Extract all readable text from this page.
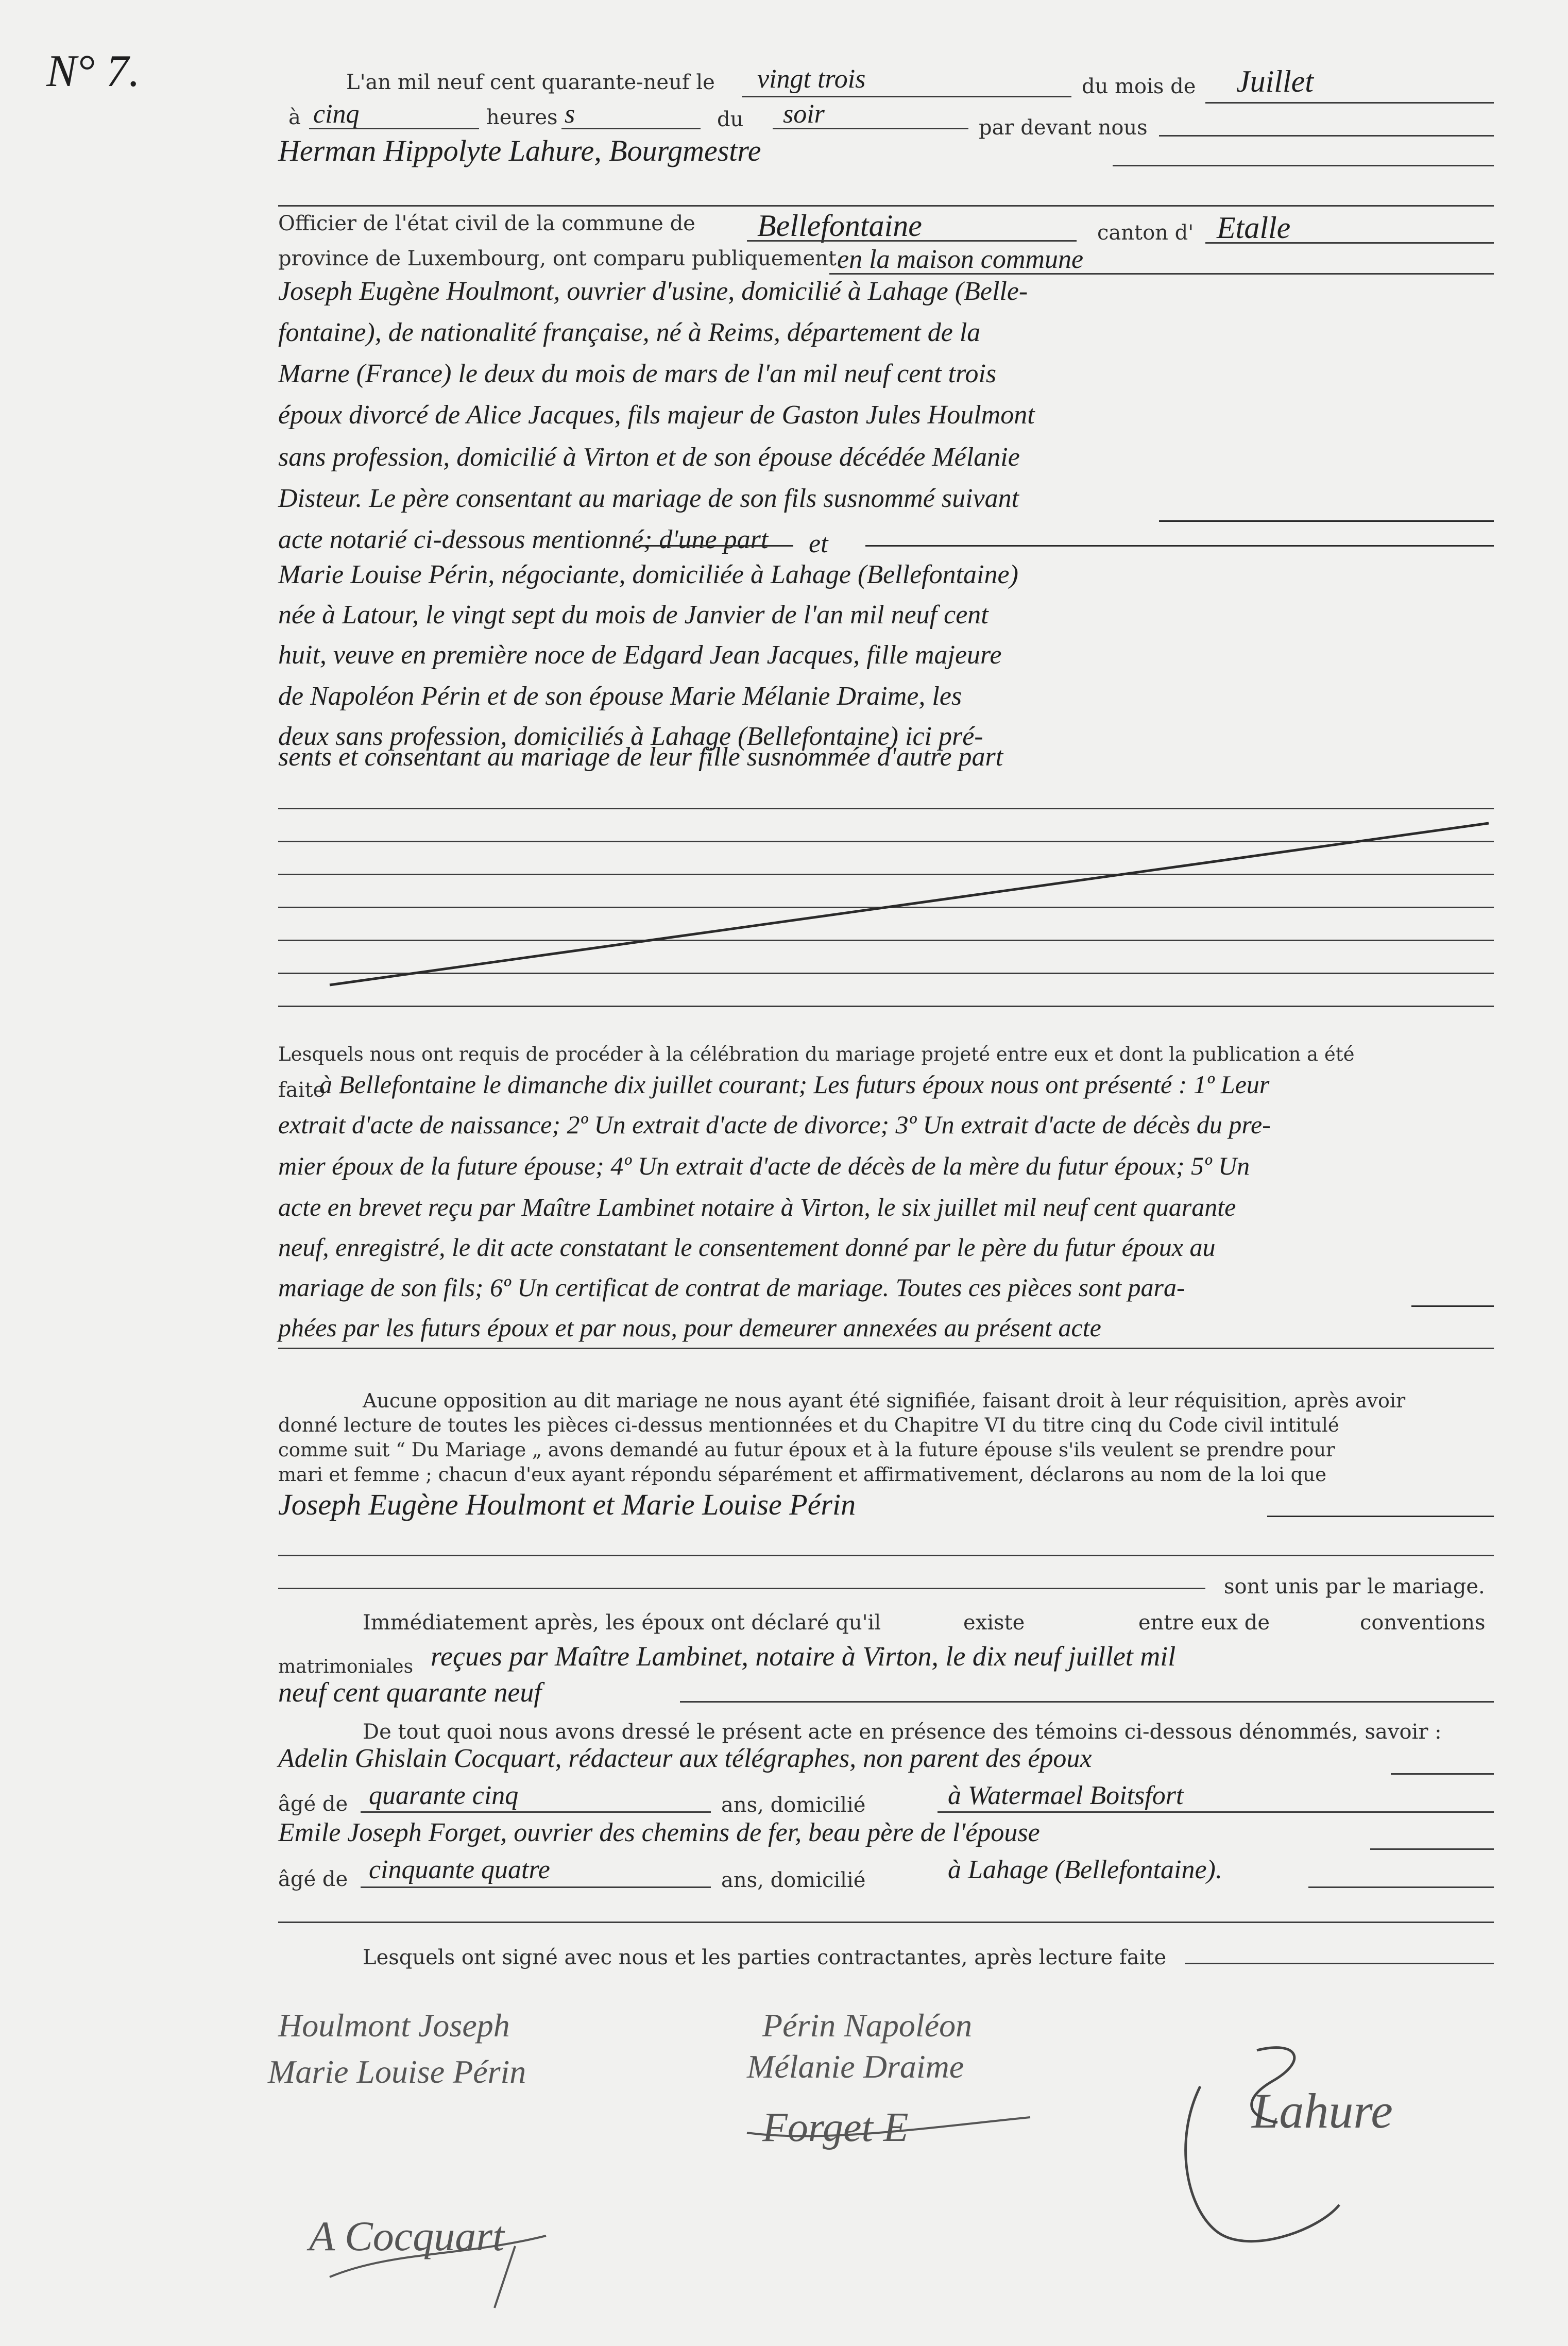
N° 7.	L'an mil neuf cent quarante-neuf le vingt trois	du mois de Juillet
à cinq	heures s	du soir	par devant nous
Herman Hippolyte Lahure, Bourgmestre
Officier de l'état civil de la commune de Bellefontaine	canton d' Etalle
province de Luxembourg, ont comparu publiquement en la maison commune
Joseph Eugène Houlmont, ouvrier d'usine, domicilié à Lahage (Belle-
fontaine), de nationalité française, né à Reims, département de la
Marne (France) le deux du mois de mars de l'an mil neuf cent trois
époux divorcé de Alice Jacques, fils majeur de Gaston Jules Houlmont
sans profession, domicilié à Virton et de son épouse décédée Mélanie
Disteur. Le père consentant au mariage de son fils susnommé suivant
acte notarié ci-dessous mentionné; d'une part et
Marie Louise Périn, négociante, domiciliée à Lahage (Bellefontaine)
née à Latour, le vingt sept du mois de Janvier de l'an mil neuf cent
huit, veuve en première noce de Edgard Jean Jacques, fille majeure
de Napoléon Périn et de son épouse Marie Mélanie Draime, les
deux sans profession, domiciliés à Lahage (Bellefontaine) ici pré-
sents et consentant au mariage de leur fille susnommée d'autre part
Lesquels nous ont requis de procéder à la célébration du mariage projeté entre eux et dont la publication a été
faite
à Bellefontaine le dimanche dix juillet courant; Les futurs époux nous ont présenté : 1º Leur
extrait d'acte de naissance; 2º Un extrait d'acte de divorce; 3º Un extrait d'acte de décès du pre-
mier époux de la future épouse; 4º Un extrait d'acte de décès de la mère du futur époux; 5º Un
acte en brevet reçu par Maître Lambinet notaire à Virton, le six juillet mil neuf cent quarante
neuf, enregistré, le dit acte constatant le consentement donné par le père du futur époux au
mariage de son fils; 6º Un certificat de contrat de mariage. Toutes ces pièces sont para-
phées par les futurs époux et par nous, pour demeurer annexées au présent acte
Aucune opposition au dit mariage ne nous ayant été signifiée, faisant droit à leur réquisition, après avoir
donné lecture de toutes les pièces ci-dessus mentionnées et du Chapitre VI du titre cinq du Code civil intitulé
comme suit “ Du Mariage „ avons demandé au futur époux et à la future épouse s'ils veulent se prendre pour
mari et femme ; chacun d'eux ayant répondu séparément et affirmativement, déclarons au nom de la loi que
Joseph Eugène Houlmont et Marie Louise Périn
sont unis par le mariage.
Immédiatement après, les époux ont déclaré qu'il	existe	entre eux de	conventions
matrimoniales reçues par Maître Lambinet, notaire à Virton, le dix neuf juillet mil
neuf cent quarante neuf
De tout quoi nous avons dressé le présent acte en présence des témoins ci-dessous dénommés, savoir :
Adelin Ghislain Cocquart, rédacteur aux télégraphes, non parent des époux
âgé de quarante cinq	ans, domicilié	à Watermael Boitsfort
Emile Joseph Forget, ouvrier des chemins de fer, beau père de l'épouse
âgé de cinquante quatre	ans, domicilié	à Lahage (Bellefontaine).
Lesquels ont signé avec nous et les parties contractantes, après lecture faite
Houlmont Joseph
Marie Louise Périn
Périn Napoléon
Mélanie Draime
Forget E
A Cocquart
Lahure
